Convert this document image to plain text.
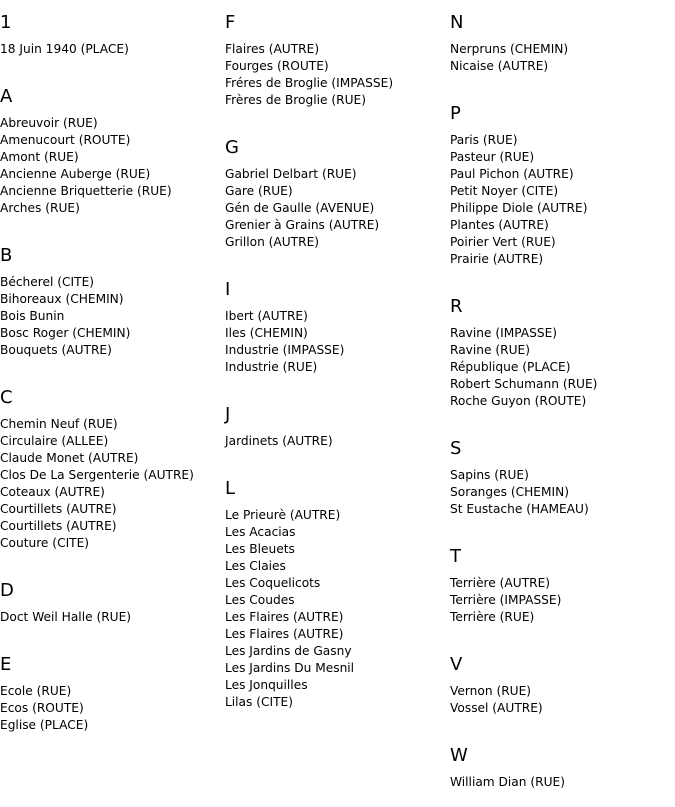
1
18 Juin 1940 (PLACE)
A
Abreuvoir (RUE)
Amenucourt (ROUTE)
Amont (RUE)
Ancienne Auberge (RUE)
Ancienne Briquetterie (RUE)
Arches (RUE)
B
Bécherel (CITE)
Bihoreaux (CHEMIN)
Bois Bunin
Bosc Roger (CHEMIN)
Bouquets (AUTRE)
C
Chemin Neuf (RUE)
Circulaire (ALLEE)
Claude Monet (AUTRE)
Clos De La Sergenterie (AUTRE)
Coteaux (AUTRE)
Courtillets (AUTRE)
Courtillets (AUTRE)
Couture (CITE)
D
Doct Weil Halle (RUE)
E
Ecole (RUE)
Ecos (ROUTE)
Eglise (PLACE)
F
Flaires (AUTRE)
Fourges (ROUTE)
Fréres de Broglie (IMPASSE)
Frères de Broglie (RUE)
G
Gabriel Delbart (RUE)
Gare (RUE)
Gén de Gaulle (AVENUE)
Grenier à Grains (AUTRE)
Grillon (AUTRE)
I
Ibert (AUTRE)
Iles (CHEMIN)
Industrie (IMPASSE)
Industrie (RUE)
J
Jardinets (AUTRE)
L
Le Prieurè (AUTRE)
Les Acacias
Les Bleuets
Les Claies
Les Coquelicots
Les Coudes
Les Flaires (AUTRE)
Les Flaires (AUTRE)
Les Jardins de Gasny
Les Jardins Du Mesnil
Les Jonquilles
Lilas (CITE)
N
Nerpruns (CHEMIN)
Nicaise (AUTRE)
P
Paris (RUE)
Pasteur (RUE)
Paul Pichon (AUTRE)
Petit Noyer (CITE)
Philippe Diole (AUTRE)
Plantes (AUTRE)
Poirier Vert (RUE)
Prairie (AUTRE)
R
Ravine (IMPASSE)
Ravine (RUE)
République (PLACE)
Robert Schumann (RUE)
Roche Guyon (ROUTE)
S
Sapins (RUE)
Soranges (CHEMIN)
St Eustache (HAMEAU)
T
Terrière (AUTRE)
Terrière (IMPASSE)
Terrière (RUE)
V
Vernon (RUE)
Vossel (AUTRE)
W
William Dian (RUE)
